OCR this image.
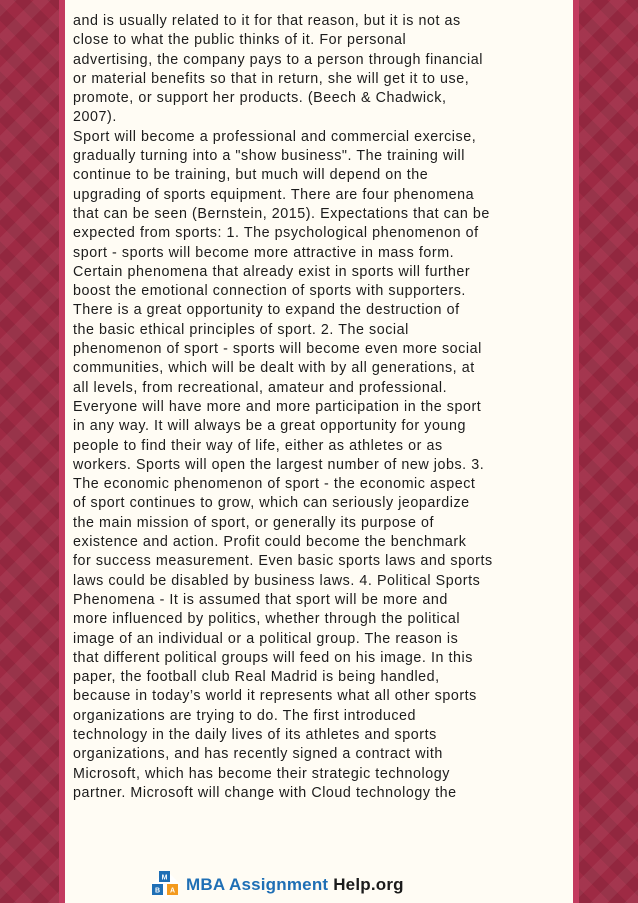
and is usually related to it for that reason, but it is not as
close to what the public thinks of it. For personal
advertising, the company pays to a person through financial
or material benefits so that in return, she will get it to use,
promote, or support her products. (Beech & Chadwick,
2007).
Sport will become a professional and commercial exercise,
gradually turning into a "show business". The training will
continue to be training, but much will depend on the
upgrading of sports equipment. There are four phenomena
that can be seen (Bernstein, 2015). Expectations that can be
expected from sports: 1. The psychological phenomenon of
sport - sports will become more attractive in mass form.
Certain phenomena that already exist in sports will further
boost the emotional connection of sports with supporters.
There is a great opportunity to expand the destruction of
the basic ethical principles of sport. 2. The social
phenomenon of sport - sports will become even more social
communities, which will be dealt with by all generations, at
all levels, from recreational, amateur and professional.
Everyone will have more and more participation in the sport
in any way. It will always be a great opportunity for young
people to find their way of life, either as athletes or as
workers. Sports will open the largest number of new jobs. 3.
The economic phenomenon of sport - the economic aspect
of sport continues to grow, which can seriously jeopardize
the main mission of sport, or generally its purpose of
existence and action. Profit could become the benchmark
for success measurement. Even basic sports laws and sports
laws could be disabled by business laws. 4. Political Sports
Phenomena - It is assumed that sport will be more and
more influenced by politics, whether through the political
image of an individual or a political group. The reason is
that different political groups will feed on his image. In this
paper, the football club Real Madrid is being handled,
because in today’s world it represents what all other sports
organizations are trying to do. The first introduced
technology in the daily lives of its athletes and sports
organizations, and has recently signed a contract with
Microsoft, which has become their strategic technology
partner. Microsoft will change with Cloud technology the
M
B A MBA Assignment Help.org
